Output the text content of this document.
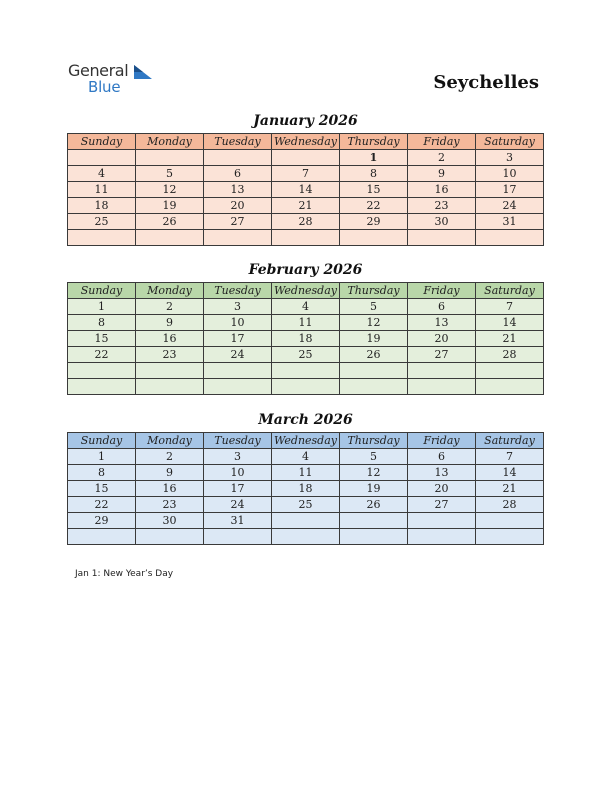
General
Blue	Seychelles
January 2026
Sunday	Monday	Tuesday	Wednesday	Thursday	Friday	Saturday
				1	2	3
4	5	6	7	8	9	10
11	12	13	14	15	16	17
18	19	20	21	22	23	24
25	26	27	28	29	30	31

February 2026
Sunday	Monday	Tuesday	Wednesday	Thursday	Friday	Saturday
1	2	3	4	5	6	7
8	9	10	11	12	13	14
15	16	17	18	19	20	21
22	23	24	25	26	27	28

March 2026
Sunday	Monday	Tuesday	Wednesday	Thursday	Friday	Saturday
1	2	3	4	5	6	7
8	9	10	11	12	13	14
15	16	17	18	19	20	21
22	23	24	25	26	27	28
29	30	31				

Jan 1: New Year’s Day
